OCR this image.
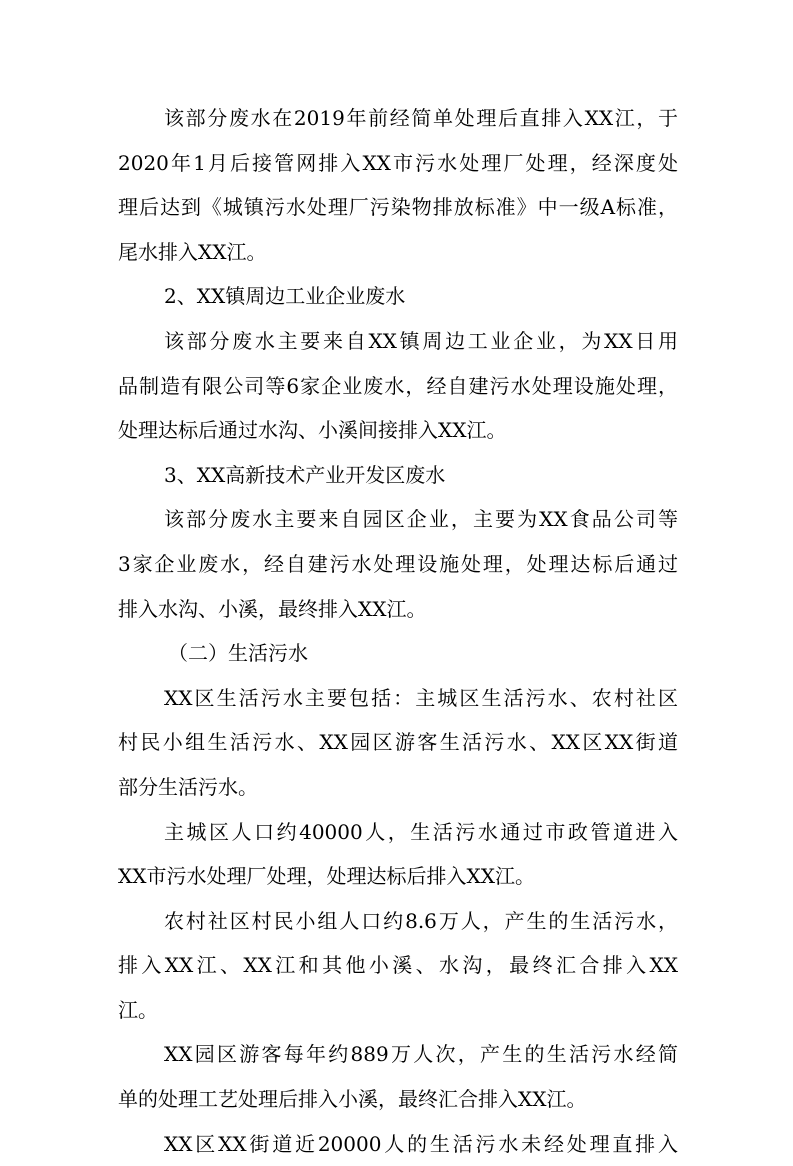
该部分废水在2019年前经简单处理后直排入XX江，于
2020年1月后接管网排入XX市污水处理厂处理，经深度处
理后达到《城镇污水处理厂污染物排放标准》中一级A标准，
尾水排入XX江。
2、XX镇周边工业企业废水
该部分废水主要来自XX镇周边工业企业，为XX日用
品制造有限公司等6家企业废水，经自建污水处理设施处理，
处理达标后通过水沟、小溪间接排入XX江。
3、XX高新技术产业开发区废水
该部分废水主要来自园区企业，主要为XX食品公司等
3家企业废水，经自建污水处理设施处理，处理达标后通过
排入水沟、小溪，最终排入XX江。
（二）生活污水
XX区生活污水主要包括：主城区生活污水、农村社区
村民小组生活污水、XX园区游客生活污水、XX区XX街道
部分生活污水。
主城区人口约40000人，生活污水通过市政管道进入
XX市污水处理厂处理，处理达标后排入XX江。
农村社区村民小组人口约8.6万人，产生的生活污水，
排入XX江、XX江和其他小溪、水沟，最终汇合排入XX
江。
XX园区游客每年约889万人次，产生的生活污水经简
单的处理工艺处理后排入小溪，最终汇合排入XX江。
XX区XX街道近20000人的生活污水未经处理直排入
